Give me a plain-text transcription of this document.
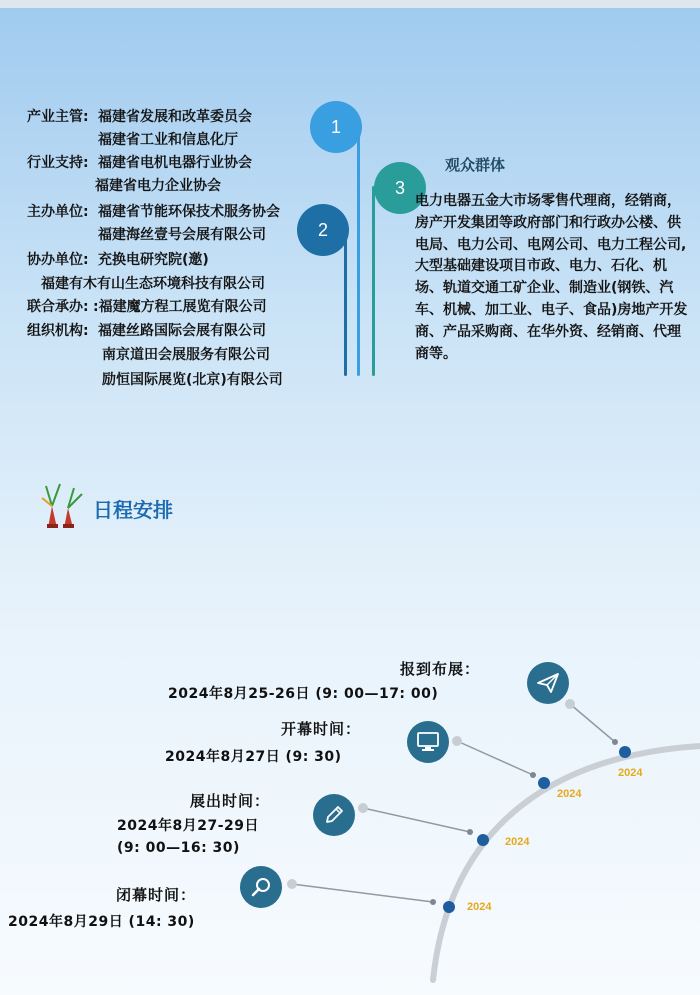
产业主管: 福建省发展和改革委员会
福建省工业和信息化厅
行业支持: 福建省电机电器行业协会
福建省电力企业协会
主办单位: 福建省节能环保技术服务协会
福建海丝壹号会展有限公司
协办单位: 充换电研究院(邀)
福建有木有山生态环境科技有限公司
联合承办: :福建魔方程工展览有限公司
组织机构: 福建丝路国际会展有限公司
南京道田会展服务有限公司
励恒国际展览(北京)有限公司
1
2
3
观众群体
电力电器五金大市场零售代理商，经销商，房产开发集团等政府部门和行政办公楼、供电局、电力公司、电网公司、电力工程公司,大型基础建设项目市政、电力、石化、机场、轨道交通工矿企业、制造业(钢铁、汽车、机械、加工业、电子、食品)房地产开发商、产品采购商、在华外资、经销商、代理商等。
日程安排
2024
2024
2024
2024
报到布展：
2024年8月25-26日 (9: 00—17: 00)
开幕时间：
2024年8月27日 (9: 30)
展出时间：
2024年8月27-29日
(9: 00—16: 30)
闭幕时间：
2024年8月29日 (14: 30)
